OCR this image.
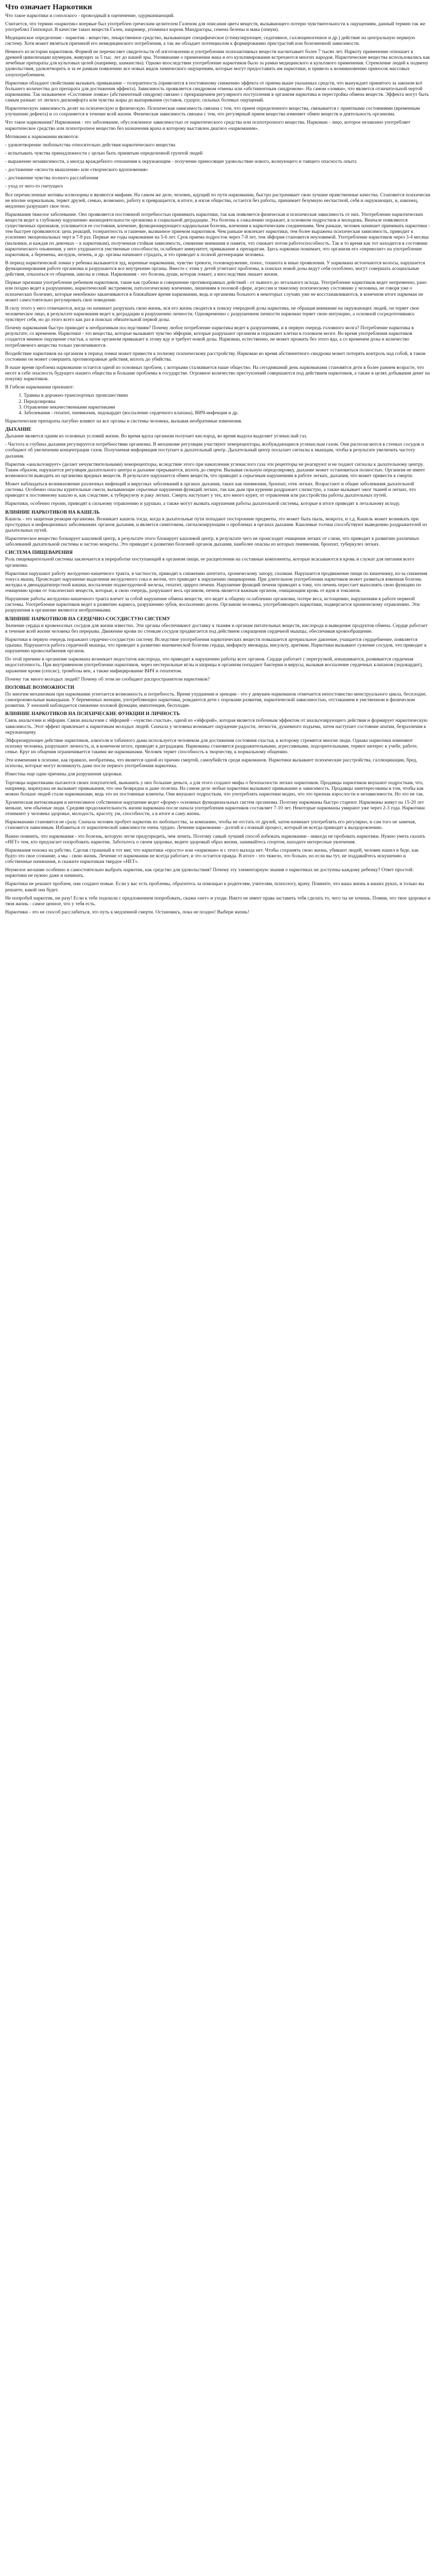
Что означает Наркотики
Что такое наркотики и сонолского - провоздный в оцепенение, одурманиающий.

Считается, что термин «наркотик» впервые был употреблен греческим целителем Галеном для описания цвета веществ, вызывающего потерю чувствительности к ощущениям, данный термин так же употреблял Гиппократ. В качестве таких веществ Гален, например, упоминал корень Мандрагоры, семена белены и мака (опиум).

Медицинское определение - наркотик - вещество, лекарственное средство, вызывающее специфическое (стимулирующее, седативное, галлюциногенное и др.) действие на центральную нервную систему. Хотя может являться причиной его немедицинского потребления, а так же обладает потенциалом к формированию пристрастий или болезненной зависимости.

Немного из истории наркотиков. Формой не перечисляет свидетельств об изготовлении и употреблении психоактивных веществ насчитывает более 7 тысяч лет. Наркоту применение отношает к древней цивилизации шумерам, живущих за 5 тыс. лет до нашей эры. Упоминание о применении мака и его культивировании встречаются многих народов. Наркотические вещества использовались как лечебные препараты для культовых целей (например, шаманства). Однако впоследствии употребление наркотиков было за рамки медицинского и культового применения. Стремление людей к подмену удовольствия, удовлетворить и за ее рамкам появлению все новых видов химического ощущениям, которые могут предоставить им наркотики, и привело к возникновению приносок массовых злоупотреблением.

Наркотики обладают свойствами вызывать привыкание – толерантность (привелится в постоянному снижению эффекта от приема выше указанных средств, что вынуждает принятого за законом всё большего количества доз препарата для достижения эффекта). Зависимость проявляется синдромом отмены или «абстинентным синдромом». На самом «ломки», что является отличительной чертой наркомании. Так называемое «Состояние ломки» (абстинентный синдром) связано с прекращением регулярного поступления в организм наркотика и перестройка обмена веществ. Эффекта могут быть самым разные: от легкого дискомфорта или чувства жары до выпаривания суставов, судорог, сильных болевых ощущений.

Наркотическую зависимость делят на психическую и физическую. Психическая зависимость связана с тем, что прием определенного вещества, связывается с приятными состояниями (временным улучшение дефекта) и со сохраняется в течение всей жизни. Физическая зависимость связана с тем, что регулярный прием вещества изменяет обмен веществ и деятельность организма.

Что такое наркомания? Наркомания - это заболевание, обусловленное зависимостью от наркотического средства или психотропного вещества. Наркоман - лицо, которое незаконно употребляет наркотическое средство или психотропное вещество без назначения врача и которому выставлен диагноз «наркомания».

Мотивами к наркомании являются:

- удовлетворение любопытства относительно действия наркотического вещества

- испытывать чувства принадлежности с целью быть принятым определенной группой людей

- выражение независимости, а иногда враждебного отношения к окружающим - получение приносящие удовольствие нового, волнующего и таящего опасность опыта

- достижение «ясности мышления» или «творческого вдохновения»

- достижение чувства полного расслабления

- уход от чего-то гнетущего

Все перечисленные мотивы иллюзорны и являются мифами. На самом же деле, человек, идущий по пути наркомании, быстро растрачивает свои лучшие нравственные качества. Становится психически не вполне нормальным, теряет друзей, семью, возможно, работу и превращается, в итоге, в изгоя общества, остается без работы, принимает безумную несчастной, себя и окружающих, и, наконец, медленно разрушает свое тело.

Наркомания тяжелое заболевание. Оно проявляется постоянной потребностью принимать наркотики, так как появляется физическая и психическая зависимость от них. Употребление наркотических веществ ведет к глубокому нарушению жизнедеятельности организма и социальной деградации. Эта болезнь к сожалению поражает, в основном подростков и молодежь. Вначале появляются существенных признаков, усиливается ее состояния, влечение, функционирующего кардиальная болезнь, влечения к наркотическим соединениям. Чем раньше, человек начинает принимать наркотики - тем быстрее проявляются: цепь реакций, толерантность и гашение, вызванное приемом наркотиков. Чем раньше вовлекает наркотики, тем более выражена психическая зависимость, приводит к усилению эмоциональных черт в 7-8 раз. Первые же годы наркомании на 5-6 лет. Срок приема подросток через 7-8 лет, тем эйфория становится неуловимой. Употребление наркотиков через 3-4 месяца (мальчики, и каждая по девочках – к наркотикам), полученная стойкая зависимость, снижение внимания и памяти, что снижает потом работоспособность. Так в то время как тот находится в состоянии наркотического опьянения, у него ухудшаются умственные способности, ослабевает иммунитет, привыкание к препаратам. Здесь наркоман понимает, что организм его «переволит» на употребление наркотиков, а беремены, желудок, печень, и др. органы начинают страдать, и это приводит к полной дегенерации человека.

В период наркотической ломки у ребенка вызывается зуд, коренные наркомании, чувство тревоги, головокружение, понос, тошнота и иные проявления. У наркомана истончаются волосы, нарушается функционирования работе организма и разрушаются все внутренние органы. Вместе с этим у детей угнетают проблемы, в поисках новой дозы ведут себя озлоблено, могут совершать асоциальные действия, отказаться от общения, школы и семьи. Наркомания - это болезнь души, которая ломает, а впоследствии лишает жизни.

Первые признаки употребление ребенком наркотиков, такие как грабежи и совершение противоправных действий - от пьяного до летального исхода. Употребление наркотиков ведет непременно, рано или поздно ведет к разрушению, наркотический экстремизм, патологическому влечению, лишениям в половой сфере, агрессии и тяжелому психическому состоянию у человека, не говоря уже о психических болезнях, которые неизбежно заканчиваются в ближайшее время наркомании, ведь и организма больного в некоторых случаях уже не восстанавливаются, в конечном итоге наркоман не может самостоятельно регулировать свое поведение.

В силу этого у него отмечаются, когда он начинает разрушать свою жизнь, вся его жизнь сводится к поиску очередной дозы наркотика, не обращая внимание на окружающих людей, он теряет свое человеческое лицо, в результате наркомания ведет к деградации и разрушению личности. Одновременно с разрушением личности наркоман теряет свою интуицию, а основной сосредоточиваясь чувствует себя, но до этого всего как раз в поисках обязательной первой дозы.

Почему наркомания быстро приводит к необратимым последствиям? Почему любое потребление наркотика ведет к разрушениям, и в первую очередь головного мозга? Потребление наркотика в результате, со временем. Наркотики - это вещества, которые вызывают чувство эйфории, которые разрушают организм и поражают клетки в головном мозге. Во время употребления наркотиков создается мнимое ощущение счастья, а затем организм привыкает к этому яду и требует новой дозы. Наркоман, естественно, не может прожить без этого яда, а со временем дозы и количество потребляемого вещества только увеличиваются.

Воздействие наркотиков на организм в период ломки может привести к полному психическому расстройству. Наркоман во время абстинентного синдрома может потерять контроль над собой, в таком состоянии он может совершить противоправные действия, вплоть до убийства.

В наше время проблема наркомании остается одной из основных проблем, с которыми сталкивается наше общество. На сегодняшний день наркоманами становятся дети в более раннем возрасте, что несет в себе опасность будущего нашего общества и большие проблемы в государстве. Огромное количество преступлений совершаются под действием наркотиков, а также в целях добывания денег на покупку наркотиков.

В Гибели наркомании признают:

1. Травмы в дорожно-транспортных происшествиях
2. Передозировка
3. Отравление некачественными наркотиками
4. Заболевания - гепатит, пневмония, эндокардит (воспаление сердечного клапана), ВИЧ-инфекция и др.

Наркотические препараты пагубно влияют на все органы и системы человека, вызывая необратимые изменения.

ДЫХАНИЕ

Дыхание является одним из основных условий жизни. Во время вдоха организм получает кислород, во время выдоха выделяет углекислый газ.

- Частота и глубина дыхания регулируется потребностями организма. В механизме регуляции участвуют хеморецепторы, возбуждающиеся углекислым газом. Они располагаются в стенках сосудов и сообщают об увеличении концентрации газов. Получаемая информация поступает в дыхательный центр. Дыхательный центр посылает сигналы к мышцам, чтобы в результате увеличить частоту дыхания.

Наркотик «анальгезирует» (делает нечувствительными) хеморецепторы, вследствие этого при накоплении углекислого газа эти рецепторы не реагируют и не подают сигналы к дыхательному центру. Таким образом, нарушается регуляция дыхательного центра и дыхание прерывается, вплоть до смерти. Вызывая сильную передозировку, дыхание может остановиться полностью. Организм не имеет возможности выводить из организма вредных веществ. В результате нарушается обмен веществ, что приводит к серьезным нарушениям в работе легких, дыхания, что может привести к смерти.

Может наблюдаться возникновение различных инфекций и вирусных заболеваний в органах дыхания, таких как пневмония, бронхит, отек легких. Возрастают и общие заболевания дыхательной системы. Особенно опасны курительные смеси, вызывающие серьезные нарушения функций легких, так как дым при курении раздражает слизистую, а также вызывает ожог тканей и легких, что приводит к постоянному кашлю и, как следствие, к туберкулезу и раку легких. Смерть наступает у тех, кто много курит, от отравления или расстройства работы дыхательных путей.

Наркотики, особенно героин, приводят к сильному отравлению и удушью, а также могут вызвать нарушения работы дыхательной системы, которые в итоге приводят к летальному исходу.

ВЛИЯНИЕ НАРКОТИКОВ НА КАШЕЛЬ

Кашель - это защитная реакция организма. Возникает кашель тогда, когда в дыхательные пути попадают посторонние предметы, это может быть пыль, мокрота, и т.д. Кашель может возникать при простудных и инфекционных заболеваниях органов дыхания, и является симптомом, сигнализирующим о проблемах в органах дыхания. Кашлевые толчки способствуют выведению раздражителей из дыхательных путей.

Наркотическое вещество блокирует кашлевой центр, в результате этого блокирует кашлевой центр, в результате чего не происходит очищения легких от слизи, что приводит к развитию различных заболеваний дыхательной системы и застою мокроты. Это приводит к развитию болезней органов дыхания, наиболее опасны из которых пневмония, бронхит, туберкулез легких.

СИСТЕМА ПИЩЕВАРЕНИЯ

Роль пищеварительной системы заключается в переработке поступающей в организм пищи, ее расщеплении на составные компоненты, которые всасываются в кровь и служат для питания всего организма.

Наркотики нарушают работу желудочно-кишечного тракта, в частности, приводят к снижению аппетита, хроническому запору, спазмам. Нарушается продвижение пищи по кишечнику, из-за снижения тонуса мышц. Происходит нарушение выделения желудочного сока и желчи, что приводит к нарушению пищеварения. При длительном употреблении наркотиков может развиться язвенная болезнь желудка и двенадцатиперстной кишки, воспаление поджелудочной железы, гепатит, цирроз печени. Нарушение функций печени приводит к тому, что печень перестает выполнять свою функцию по очищению крови от токсических веществ, которые, в свою очередь, разрушают весь организм, печень является важным органом, очищающим кровь от ядов и токсинов.

Нарушение работы желудочно-кишечного тракта влечет за собой нарушение обмена веществ, что ведет к общему ослаблению организма, потере веса, истощению, нарушениям в работе нервной системы. Употребление наркотиков ведет к развитию кариеса, разрушению зубов, воспалению десен. Организм человека, употребляющего наркотики, подвергается хроническому отравлению. Эти разрушения в организме являются необратимыми.

ВЛИЯНИЕ НАРКОТИКОВ НА СЕРДЕЧНО-СОСУДИСТУЮ СИСТЕМУ

Значение сердца и кровеносных сосудов для жизни известно. Эти органы обеспечивают доставку к тканям и органам питательных веществ, кислорода и выведение продуктов обмена. Сердце работает в течение всей жизни человека без перерыва. Движение крови по стенкам сосудов продвигается под действием сокращения сердечной мышцы, обеспечивая кровообращение.

Наркотики в первую очередь поражают сердечно-сосудистую систему. Вследствие употребления наркотических веществ повышается артериальное давление, учащается сердцебиение, появляется одышка. Нарушается работа сердечной мышцы, что приводит к развитию ишемической болезни сердца, инфаркту миокарда, инсульту, аритмии. Наркотики вызывают сужение сосудов, что приводит к нарушению кровоснабжения органов.

По этой причине в организме наркомана возникает недостаток кислорода, что приводит к нарушению работы всех органов. Сердце работает с перегрузкой, изнашивается, развивается сердечная недостаточность. При внутривенном употреблении наркотиков, через нестерильные иглы и шприцы в организм попадают бактерии и вирусы, вызывая воспаление сердечных клапанов (эндокардит), заражение крови (сепсис), тромбозы вен, а также инфицирование ВИЧ и гепатитом.

Почему так много молодых людей? Почему об этом не сообщают распространители наркотиков?

ПОЛОВЫЕ ВОЗМОЖНОСТИ

По многим механизмам при наркомании угнетается возможность и потребность. Время ухудшения и эрекции - это у девушек-наркоманок отмечается непостоянство менструального цикла, бесплодие, самопроизвольные выкидыши. У беременных женщин, употребляющих наркотики, рождаются дети с пороками развития, наркотической зависимостью, отставанием в умственном и физическом развитии. У юношей наблюдается снижение половой функции, импотенция, бесплодие.

ВЛИЯНИЕ НАРКОТИКОВ НА ПСИХИЧЕСКИЕ ФУНКЦИИ И ЛИЧНОСТЬ

Связь анальгезии и эйфории. Связи анальгезии с эйфорией - «чувство счастья», одной из «эйфорий», которая является побочным эффектом от анальгезирующего действия и формирует наркотическую зависимость. Этот эффект привлекает к наркотикам молодых людей. Сначала у человека возникает ощущение радости, легкости, душевного подъема, затем наступает состояние апатии, безразличия к окружающему.

Эйфоризирующее действие наркотиков, алкоголя и табачного дыма используется человеком для достижения состояния счастья, к которому стремятся многие люди. Однако наркотики изменяют психику человека, разрушают личность, и, в конечном итоге, приводят к деградации. Наркоманы становятся раздражительными, агрессивными, подозрительными, теряют интерес к учебе, работе, семье. Круг их общения ограничивается такими же наркоманами. Человек теряет способность к творчеству, к нормальному общению.

Эти изменения в психике, как правило, необратимы, что является одной из причин смертей, самоубийств среди наркоманов. Наркотики вызывают психические расстройства, галлюцинации, бред, психозы, которые могут возникнуть даже после первого употребления наркотика.

Известны еще один причины для разрушения здоровья.

Торговцы наркотиками пытаются своих покупателей, выманить у них большие деньги, а для этого создают мифы о безопасности легких наркотиков. Продавцы наркотиков внушают подросткам, что, например, марихуана не вызывает привыкания, что она безвредна и даже полезна. На самом деле любые наркотики вызывают привыкание и зависимость. Продавцы заинтересованы в том, чтобы как можно больше людей стали наркоманами, ведь это их постоянные клиенты. Они внушают подросткам, что употреблять наркотики модно, что это признак взрослости и независимости. Но это не так.

Хроническая интоксикация и интенсивное собственное нарушение ведет «форму» основных функциональных систем организма. Поэтому наркоманы быстро стареют. Наркоманы живут на 15-20 лет меньше, чем обычные люди. Средняя продолжительность жизни наркомана после начала употребления наркотиков составляет 7-10 лет. Некоторые наркоманы умирают уже через 2-3 года. Наркотики отнимают у человека здоровье, молодость, красоту, ум, способности, а в итоге и саму жизнь.

Наркоманами становятся не сразу. Сначала человек пробует наркотик из любопытства, за компанию, чтобы не отстать от друзей, затем начинает употреблять его регулярно, и сам того не замечая, становится зависимым. Избавиться от наркотической зависимости очень трудно. Лечение наркомании - долгий и сложный процесс, который не всегда приводит к выздоровлению.

Важно помнить, что наркомания - это болезнь, которую легче предупредить, чем лечить. Поэтому самый лучший способ избежать наркомании - никогда не пробовать наркотики. Нужно уметь сказать «НЕТ» тем, кто предлагает попробовать наркотик. Заботьтесь о своем здоровье, ведите здоровый образ жизни, занимайтесь спортом, находите интересные увлечения.

Наркомания похожа на рабство. Сделав страшный в тот миг, что наркотики «просто» или «наркоман» и с этого выхода нет. Чтобы сохранять свою жизнь, убивают людей, человек нашел в беде, как будто это свое сознание, а мы - свою жизнь. Лечение от наркомании не всегда работает, и это остается правда. В итоге - это тяжело, это больно, но если вы тут, не поддавайтесь искушению и собственные начинания, и скажите наркотикам твердое «НЕТ».

Неумелое желание особенно и самостоятельно выбрать наркотик, как средство для удовольствия? Почему эту элементарную знания о наркотиках не доступны каждому ребенку? Ответ простой: наркотики не нужно даже и начинать.

Наркотики не решают проблем, они создают новые. Если у вас есть проблемы, обратитесь за помощью к родителям, учителям, психологу, врачу. Помните, что ваша жизнь в ваших руках, и только вы решаете, какой она будет.

Не попробуй наркотик, ни разу! Если к тебе подошли с предложением попробовать, скажи «нет» и уходи. Никто не имеет права заставить тебя сделать то, чего ты не хочешь. Помни, что твое здоровье и твоя жизнь - самое ценное, что у тебя есть.

Наркотики - это не способ расслабиться, это путь к медленной смерти. Остановись, пока не поздно! Выбери жизнь!
